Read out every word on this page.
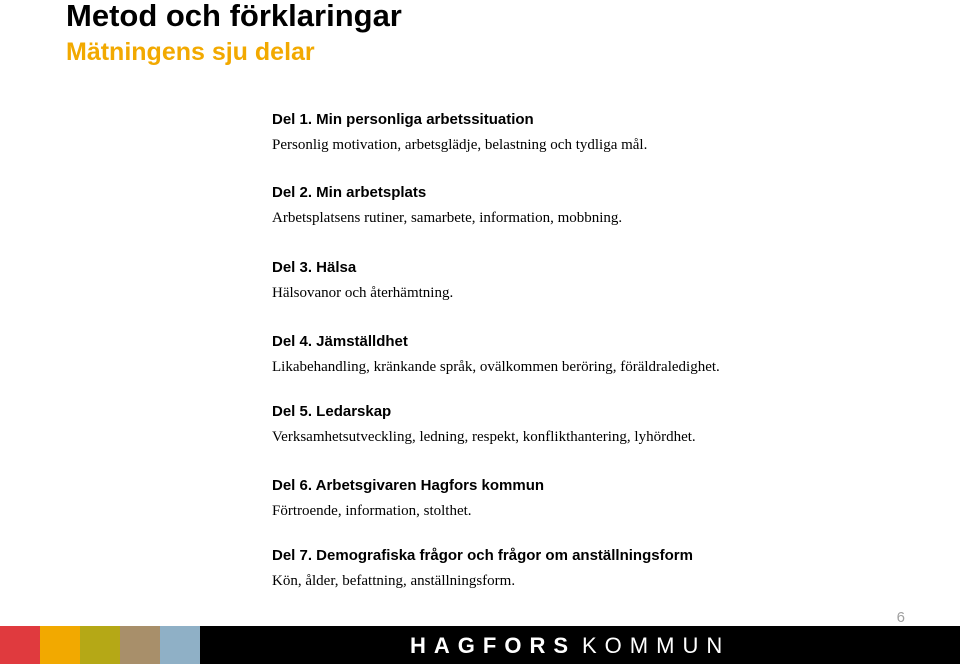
Metod och förklaringar
Mätningens sju delar
Del 1. Min personliga arbetssituation
Personlig motivation, arbetsglädje, belastning och tydliga mål.
Del 2. Min arbetsplats
Arbetsplatsens rutiner, samarbete, information, mobbning.
Del 3. Hälsa
Hälsovanor och återhämtning.
Del 4. Jämställdhet
Likabehandling, kränkande språk, ovälkommen beröring, föräldraledighet.
Del 5. Ledarskap
Verksamhetsutveckling, ledning, respekt, konflikthantering, lyhördhet.
Del 6. Arbetsgivaren Hagfors kommun
Förtroende, information, stolthet.
Del 7. Demografiska frågor och frågor om anställningsform
Kön, ålder, befattning, anställningsform.
6
HAGFORS KOMMUN
